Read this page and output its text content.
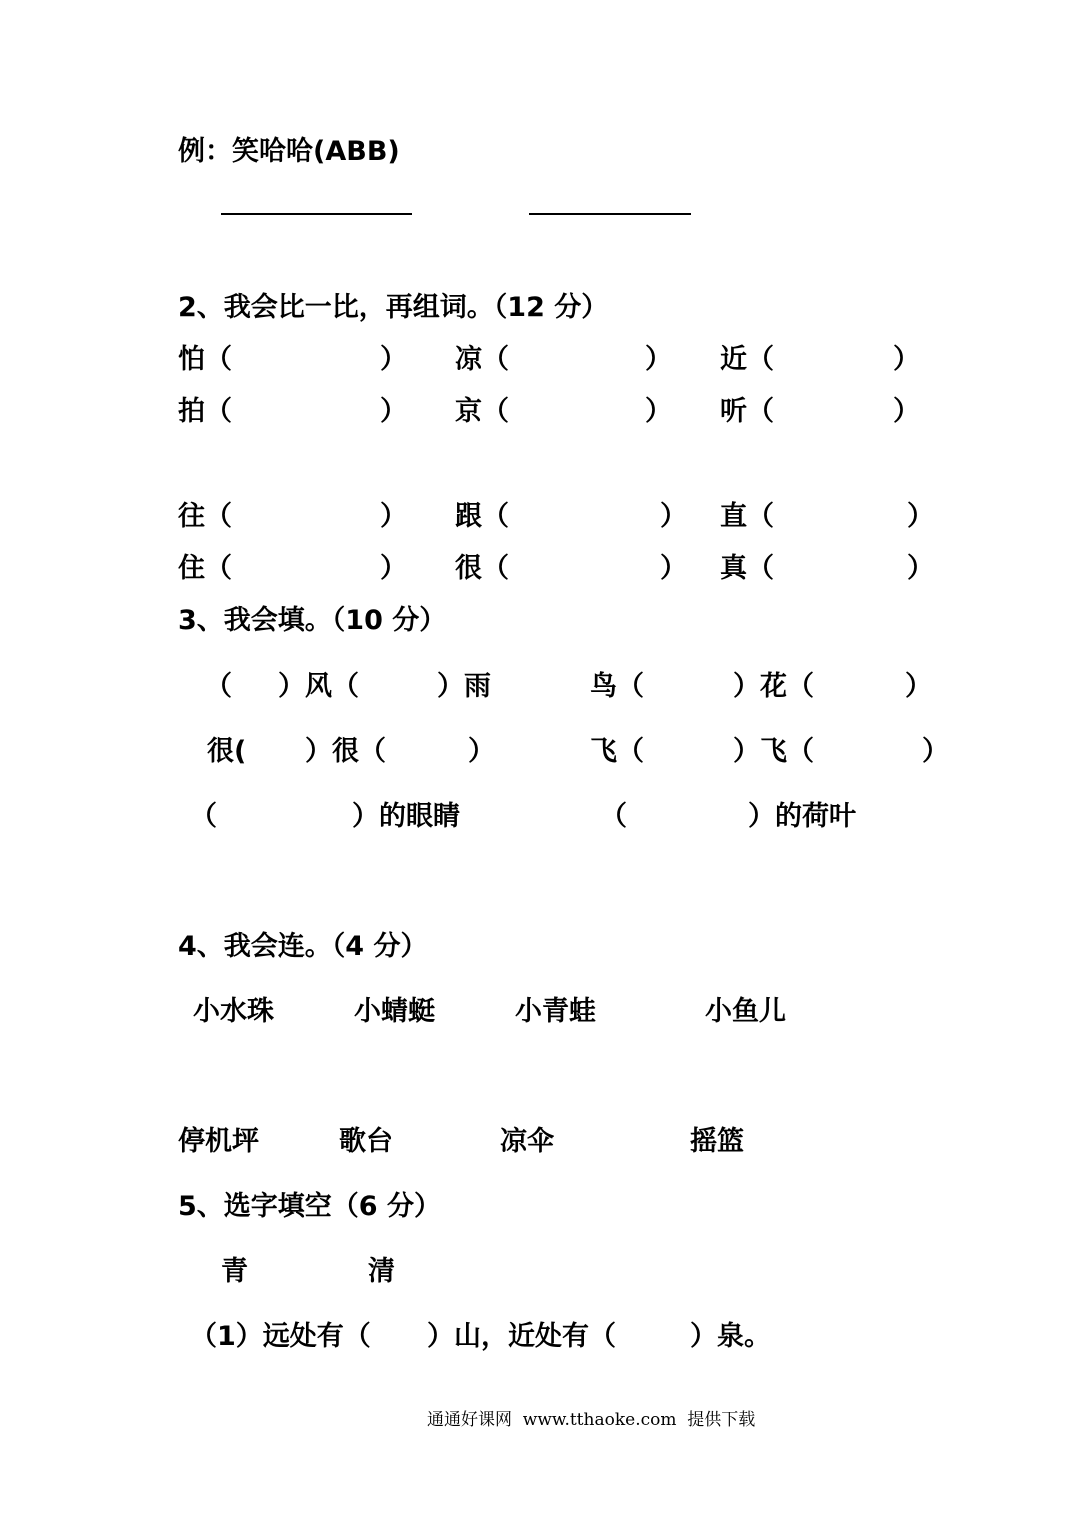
例：笑哈哈(ABB)
2、我会比一比，再组词。（12 分）
怕（	） 凉（	） 近（	）
拍（	） 京（	） 听（	）
往（	） 跟（	） 直（	）
住（	） 很（	） 真（	）
3、我会填。（10 分）
（ ）风（	）雨	鸟（	）花（	）
很( ）很（	）	飞（	）飞（	）
（	）的眼睛	（	）的荷叶
4、我会连。（4 分）
小水珠	小蜻蜓	小青蛙	小鱼儿
停机坪	歌台	凉伞	摇篮
5、选字填空（6 分）
青	清
（1）远处有（ ）山，近处有（	）泉。
通通好课网  www.tthaoke.com  提供下载
